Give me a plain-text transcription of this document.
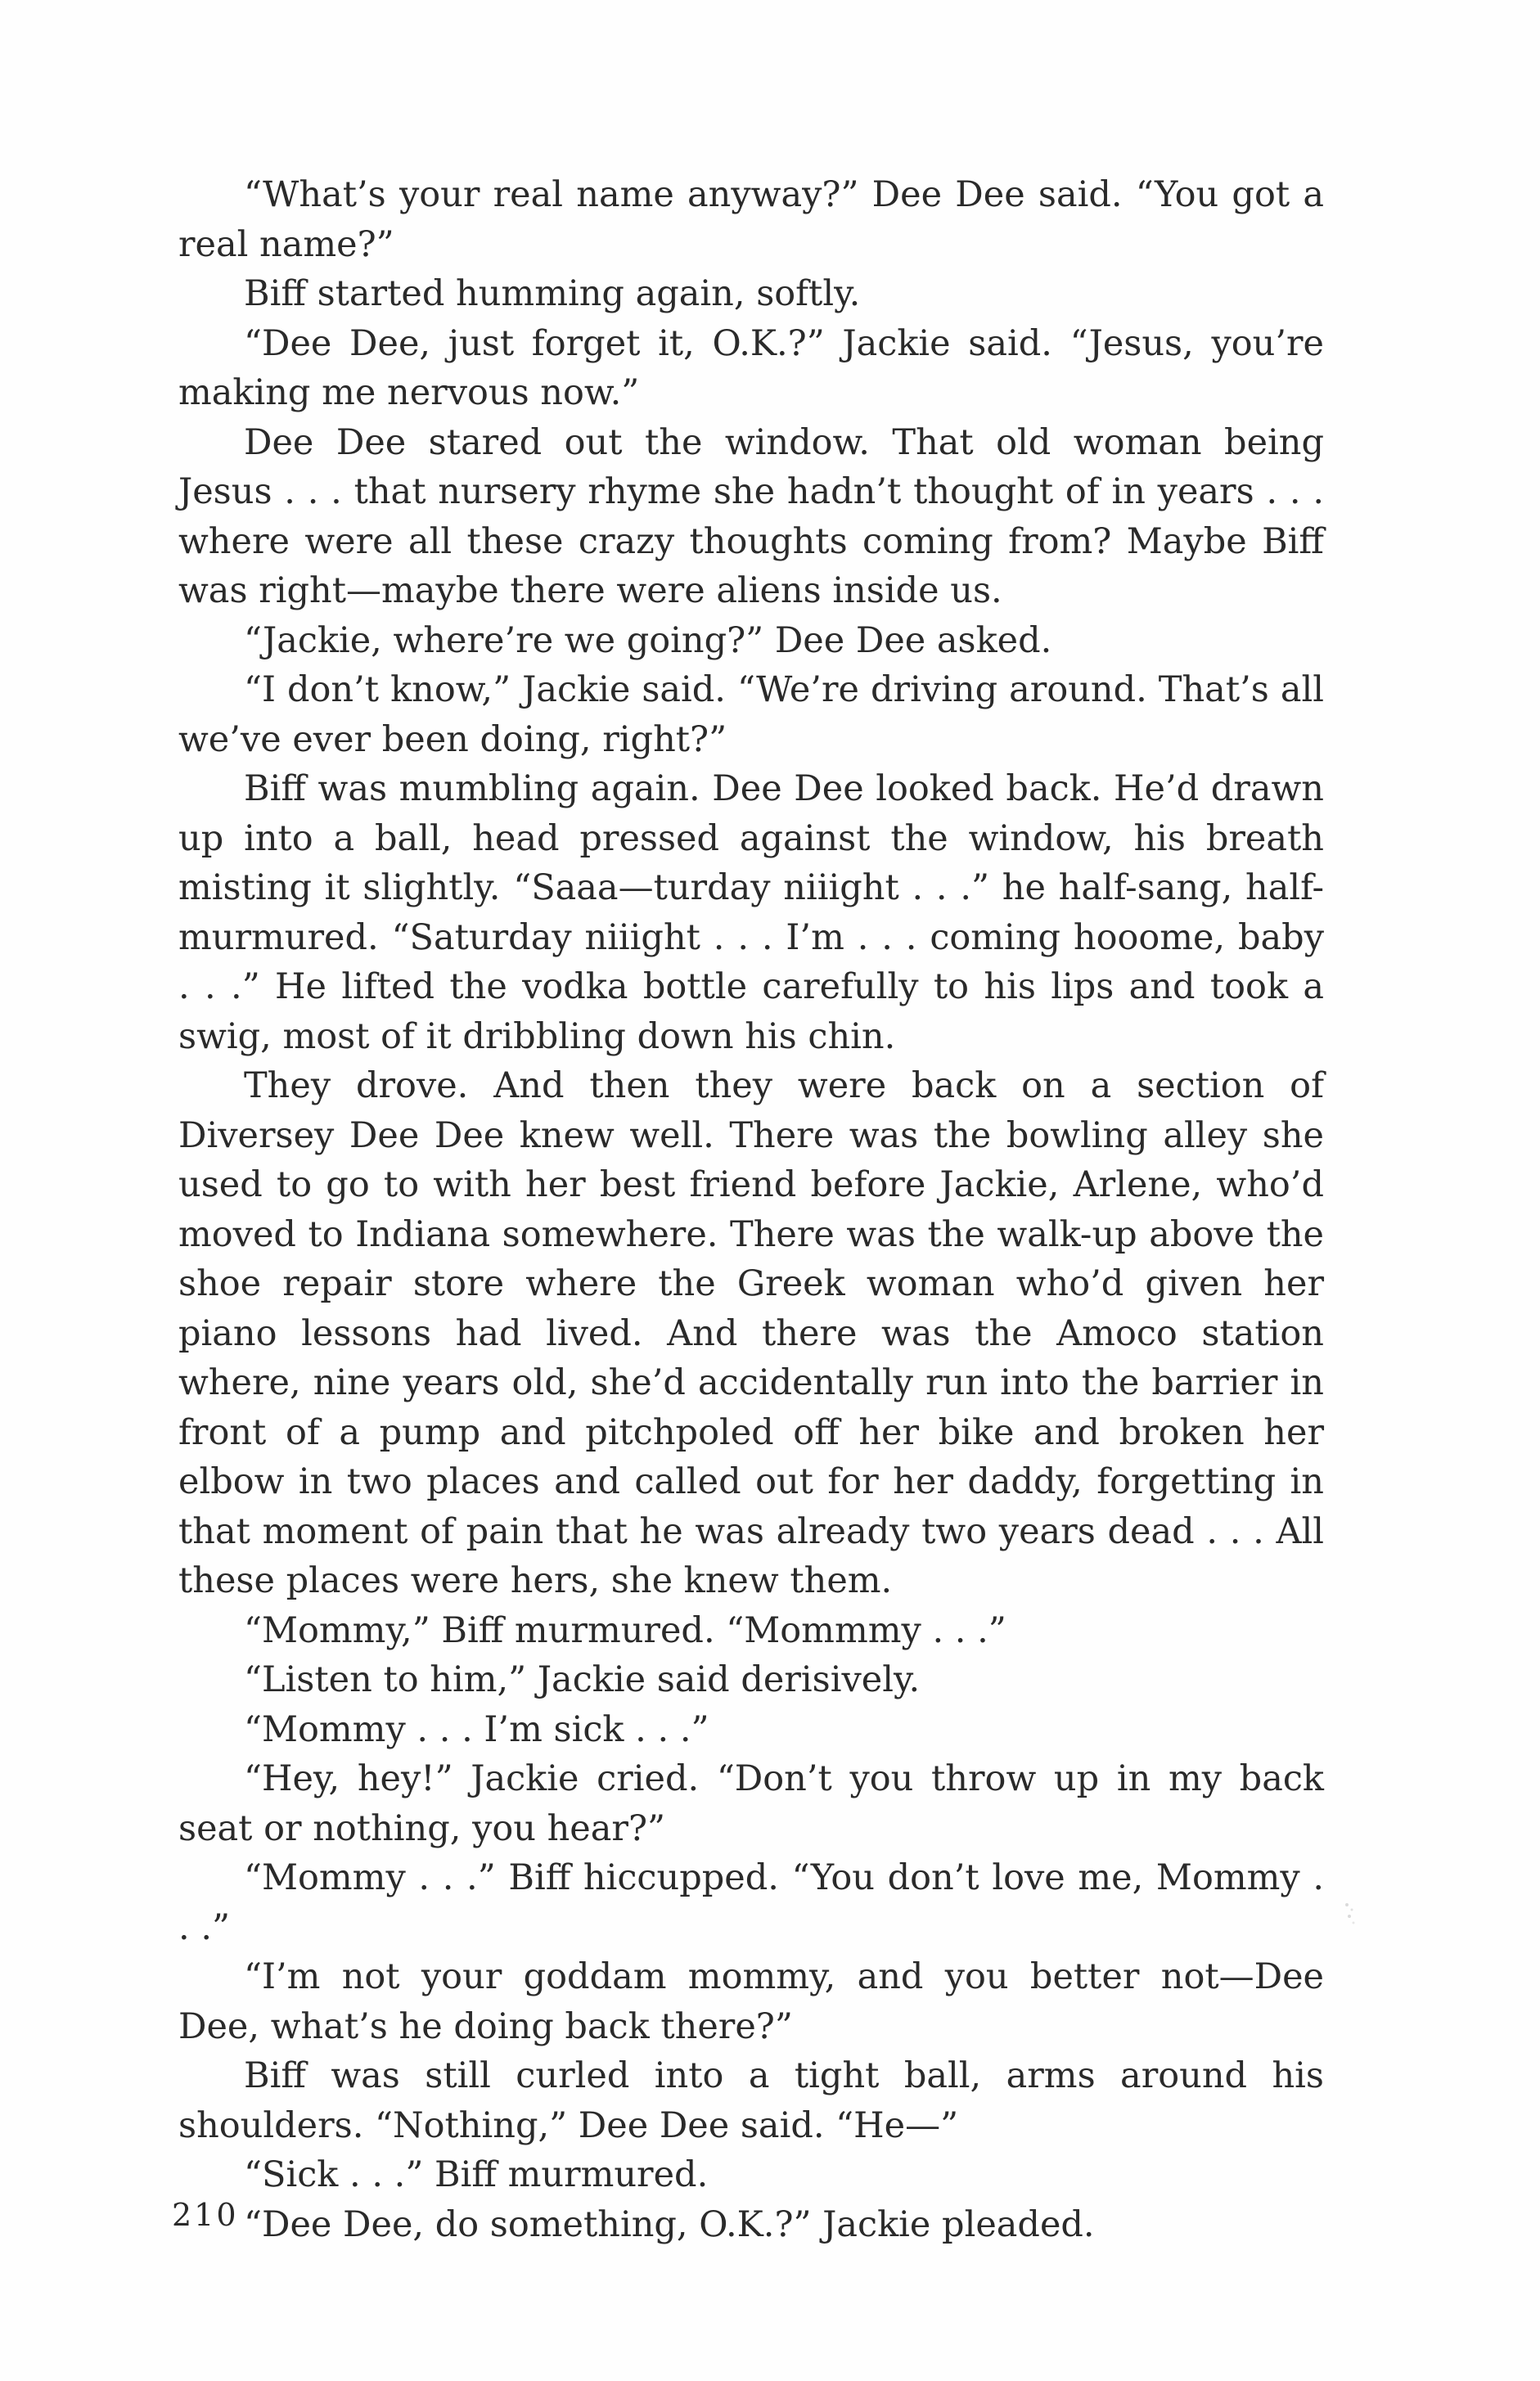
“What’s your real name anyway?” Dee Dee said. “You got a real name?”

Biff started humming again, softly.

“Dee Dee, just forget it, O.K.?” Jackie said. “Jesus, you’re making me nervous now.”

Dee Dee stared out the window. That old woman being Jesus . . . that nursery rhyme she hadn’t thought of in years . . . where were all these crazy thoughts coming from? Maybe Biff was right—maybe there were aliens inside us.

“Jackie, where’re we going?” Dee Dee asked.

“I don’t know,” Jackie said. “We’re driving around. That’s all we’ve ever been doing, right?”

Biff was mumbling again. Dee Dee looked back. He’d drawn up into a ball, head pressed against the window, his breath misting it slightly. “Saaa—turday niiight . . .” he half-sang, half-murmured. “Saturday niiight . . . I’m . . . coming hooome, baby . . .” He lifted the vodka bottle carefully to his lips and took a swig, most of it dribbling down his chin.

They drove. And then they were back on a section of Diversey Dee Dee knew well. There was the bowling alley she used to go to with her best friend before Jackie, Arlene, who’d moved to Indiana somewhere. There was the walk-up above the shoe repair store where the Greek woman who’d given her piano lessons had lived. And there was the Amoco station where, nine years old, she’d accidentally run into the barrier in front of a pump and pitchpoled off her bike and broken her elbow in two places and called out for her daddy, forgetting in that moment of pain that he was already two years dead . . . All these places were hers, she knew them.

“Mommy,” Biff murmured. “Mommmy . . .”

“Listen to him,” Jackie said derisively.

“Mommy . . . I’m sick . . .”

“Hey, hey!” Jackie cried. “Don’t you throw up in my back seat or nothing, you hear?”

“Mommy . . .” Biff hiccupped. “You don’t love me, Mommy . . .”

“I’m not your goddam mommy, and you better not—Dee Dee, what’s he doing back there?”

Biff was still curled into a tight ball, arms around his shoulders. “Nothing,” Dee Dee said. “He—”

“Sick . . .” Biff murmured.

“Dee Dee, do something, O.K.?” Jackie pleaded.

210
